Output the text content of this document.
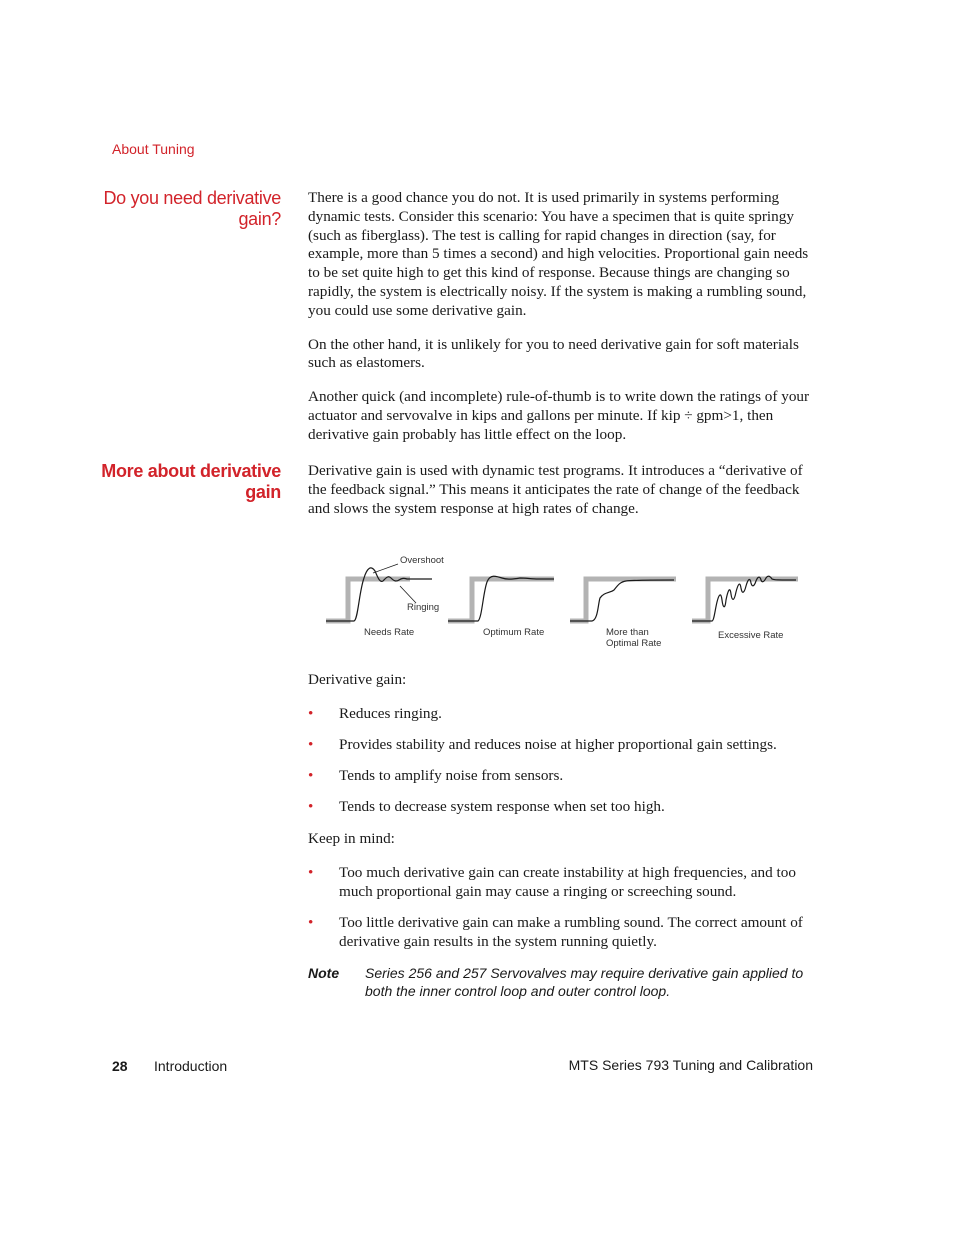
About Tuning
Do you need derivative
gain?

There is a good chance you do not. It is used primarily in systems performing dynamic tests. Consider this scenario: You have a specimen that is quite springy (such as fiberglass). The test is calling for rapid changes in direction (say, for example, more than 5 times a second) and high velocities. Proportional gain needs to be set quite high to get this kind of response. Because things are changing so rapidly, the system is electrically noisy. If the system is making a rumbling sound, you could use some derivative gain.

On the other hand, it is unlikely for you to need derivative gain for soft materials such as elastomers.

Another quick (and incomplete) rule-of-thumb is to write down the ratings of your actuator and servovalve in kips and gallons per minute. If kip ÷ gpm>1, then derivative gain probably has little effect on the loop.

More about derivative
gain

Derivative gain is used with dynamic test programs. It introduces a “derivative of the feedback signal.” This means it anticipates the rate of change of the feedback and slows the system response at high rates of change.

Overshoot
Ringing
Needs Rate	Optimum Rate	More than
Optimal Rate
Excessive Rate

Derivative gain:

• Reduces ringing.
• Provides stability and reduces noise at higher proportional gain settings.
• Tends to amplify noise from sensors.
• Tends to decrease system response when set too high.

Keep in mind:

• Too much derivative gain can create instability at high frequencies, and too much proportional gain may cause a ringing or screeching sound.
• Too little derivative gain can make a rumbling sound. The correct amount of derivative gain results in the system running quietly.
Note Series 256 and 257 Servovalves may require derivative gain applied to both the inner control loop and outer control loop.
28 Introduction	MTS Series 793 Tuning and Calibration
